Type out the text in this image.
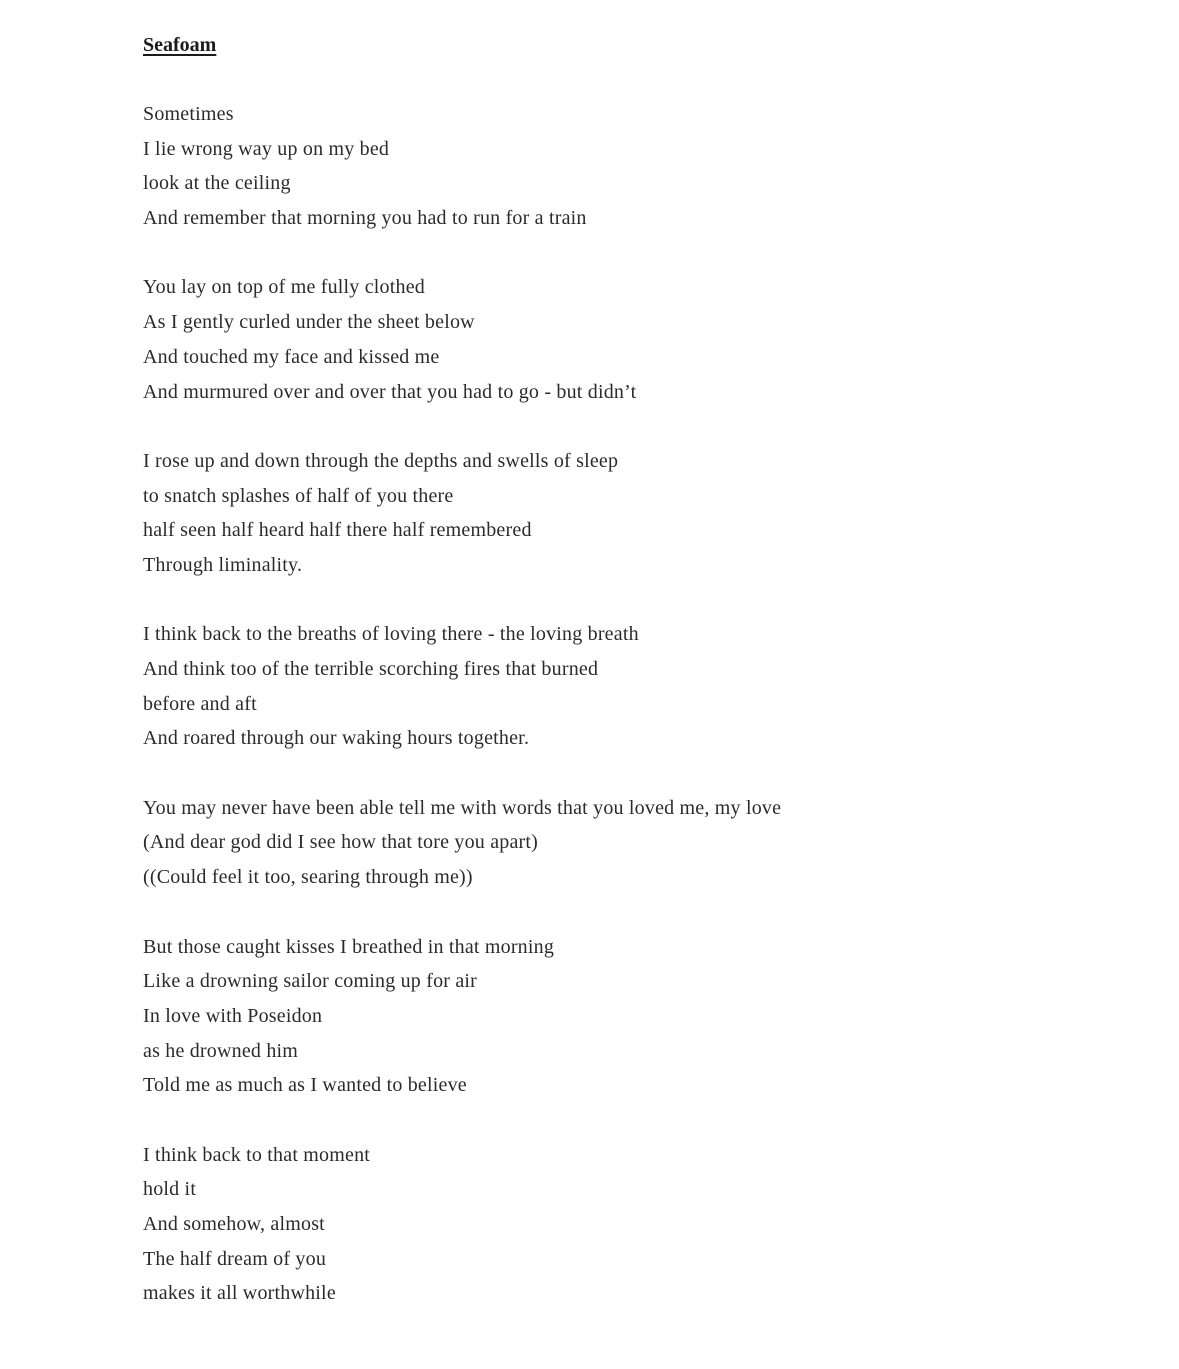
Seafoam
Sometimes
I lie wrong way up on my bed
look at the ceiling
And remember that morning you had to run for a train
You lay on top of me fully clothed
As I gently curled under the sheet below
And touched my face and kissed me
And murmured over and over that you had to go - but didn’t
I rose up and down through the depths and swells of sleep
to snatch splashes of half of you there
half seen half heard half there half remembered
Through liminality.
I think back to the breaths of loving there - the loving breath
And think too of the terrible scorching fires that burned
before and aft
And roared through our waking hours together.
You may never have been able tell me with words that you loved me, my love
(And dear god did I see how that tore you apart)
((Could feel it too, searing through me))
But those caught kisses I breathed in that morning
Like a drowning sailor coming up for air
In love with Poseidon
as he drowned him
Told me as much as I wanted to believe
I think back to that moment
hold it
And somehow, almost
The half dream of you
makes it all worthwhile
